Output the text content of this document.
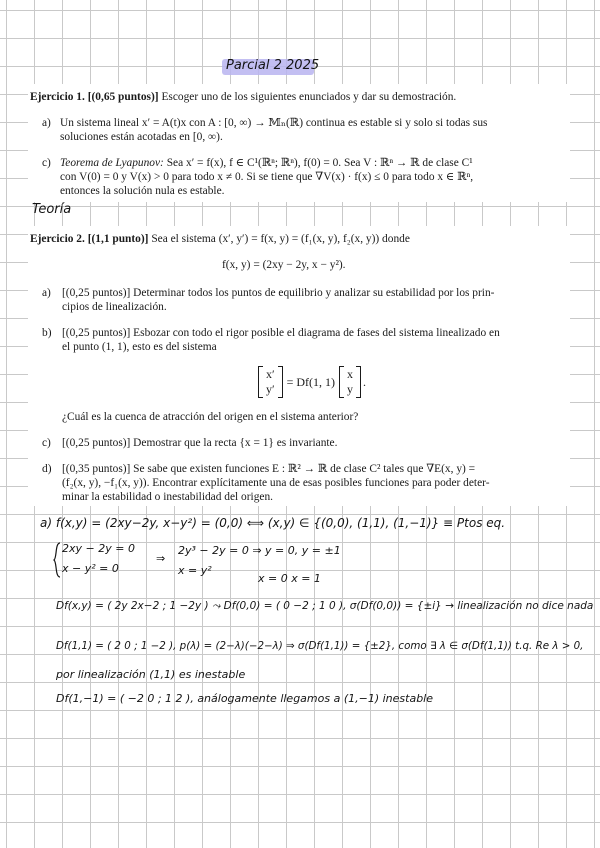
Parcial 2 2025
Ejercicio 1. [(0,65 puntos)] Escoger uno de los siguientes enunciados y dar su demostración.
a) Un sistema lineal x′ = A(t)x con A : [0, ∞) → 𝕄ₙ(ℝ) continua es estable si y solo si todas sus
soluciones están acotadas en [0, ∞).
c) Teorema de Lyapunov: Sea x′ = f(x), f ∈ C¹(ℝⁿ; ℝⁿ), f(0) = 0. Sea V : ℝⁿ → ℝ de clase C¹
con V(0) = 0 y V(x) > 0 para todo x ≠ 0. Si se tiene que ∇V(x) · f(x) ≤ 0 para todo x ∈ ℝⁿ,
entonces la solución nula es estable.
Teoría
Ejercicio 2. [(1,1 punto)] Sea el sistema (x′, y′) = f(x, y) = (f₁(x, y), f₂(x, y)) donde
f(x, y) = (2xy − 2y, x − y²).
a) [(0,25 puntos)] Determinar todos los puntos de equilibrio y analizar su estabilidad por los prin-
cipios de linealización.
b) [(0,25 puntos)] Esbozar con todo el rigor posible el diagrama de fases del sistema linealizado en
el punto (1, 1), esto es del sistema
x′
y′
= Df(1, 1)
x
y
.
¿Cuál es la cuenca de atracción del origen en el sistema anterior?
c) [(0,25 puntos)] Demostrar que la recta {x = 1} es invariante.
d) [(0,35 puntos)] Se sabe que existen funciones E : ℝ² → ℝ de clase C² tales que ∇E(x, y) =
(f₂(x, y), −f₁(x, y)). Encontrar explícitamente una de esas posibles funciones para poder deter-
minar la estabilidad o inestabilidad del origen.
a) f(x,y) = (2xy−2y, x−y²) = (0,0) ⟺ (x,y) ∈ {(0,0), (1,1), (1,−1)} ≡ Ptos eq.
2xy − 2y = 0
x − y² = 0
⇒
2y³ − 2y = 0 ⇒ y = 0, y = ±1
x = y²
x = 0 x = 1
Df(x,y) = ( 2y 2x−2 ; 1 −2y ) ⤳ Df(0,0) = ( 0 −2 ; 1 0 ), σ(Df(0,0)) = {±i} → linealización no dice nada
Df(1,1) = ( 2 0 ; 1 −2 ), p(λ) = (2−λ)(−2−λ) ⇒ σ(Df(1,1)) = {±2}, como ∃ λ ∈ σ(Df(1,1)) t.q. Re λ > 0,
por linealización (1,1) es inestable
Df(1,−1) = ( −2 0 ; 1 2 ), análogamente llegamos a (1,−1) inestable
